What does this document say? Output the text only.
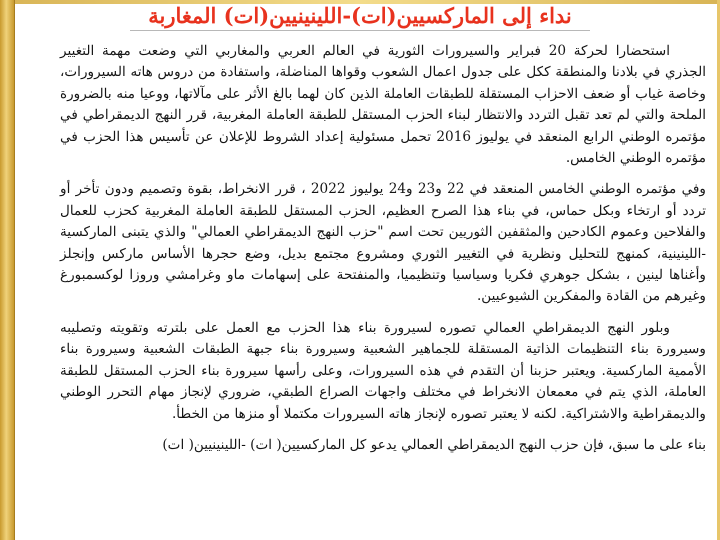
نداء إلى الماركسيين(ات)-اللينينيين(ات) المغاربة

استحضارا لحركة 20 فبراير والسيرورات الثورية في العالم العربي والمغاربي التي وضعت مهمة التغيير الجذري في بلادنا والمنطقة ككل على جدول اعمال الشعوب وقواها المناضلة، واستفادة من دروس هاته السيرورات، وخاصة غياب أو ضعف الاحزاب المستقلة للطبقات العاملة الذين كان لهما بالغ الأثر على مآلاتها، ووعيا منه بالضرورة الملحة والتي لم تعد تقبل التردد والانتظار لبناء الحزب المستقل للطبقة العاملة المغربية، قرر النهج الديمقراطي في مؤتمره الوطني الرابع المنعقد في يوليوز 2016 تحمل مسئولية إعداد الشروط للإعلان عن تأسيس هذا الحزب في مؤتمره الوطني الخامس.

وفي مؤتمره الوطني الخامس المنعقد في 22 و23 و24 يوليوز 2022 ، قرر الانخراط، بقوة وتصميم ودون تأخر أو تردد أو ارتخاء وبكل حماس، في بناء هذا الصرح العظيم، الحزب المستقل للطبقة العاملة المغربية كحزب للعمال والفلاحين وعموم الكادحين والمثقفين الثوريين تحت اسم "حزب النهج الديمقراطي العمالي" والذي يتبنى الماركسية -اللينينية، كمنهج للتحليل ونظرية في التغيير الثوري ومشروع مجتمع بديل، وضع حجرها الأساس ماركس وإنجلز وأغناها لينين ، بشكل جوهري فكريا وسياسيا وتنظيميا، والمنفتحة على إسهامات ماو وغرامشي وروزا لوكسمبورغ وغيرهم من القادة والمفكرين الشيوعيين.

وبلور النهج الديمقراطي العمالي تصوره لسيرورة بناء هذا الحزب مع العمل على بلترته وتقويته وتصليبه وسيرورة بناء التنظيمات الذاتية المستقلة للجماهير الشعبية وسيرورة بناء جبهة الطبقات الشعبية وسيرورة بناء الأممية الماركسية. ويعتبر حزبنا أن التقدم في هذه السيرورات، وعلى رأسها سيرورة بناء الحزب المستقل للطبقة العاملة، الذي يتم في معمعان الانخراط في مختلف واجهات الصراع الطبقي، ضروري لإنجاز مهام التحرر الوطني والديمقراطية والاشتراكية. لكنه لا يعتبر تصوره لإنجاز هاته السيرورات مكتملا أو منزها من الخطأ.

بناء على ما سبق، فإن حزب النهج الديمقراطي العمالي يدعو كل الماركسيين( ات) -اللينينيين( ات)
